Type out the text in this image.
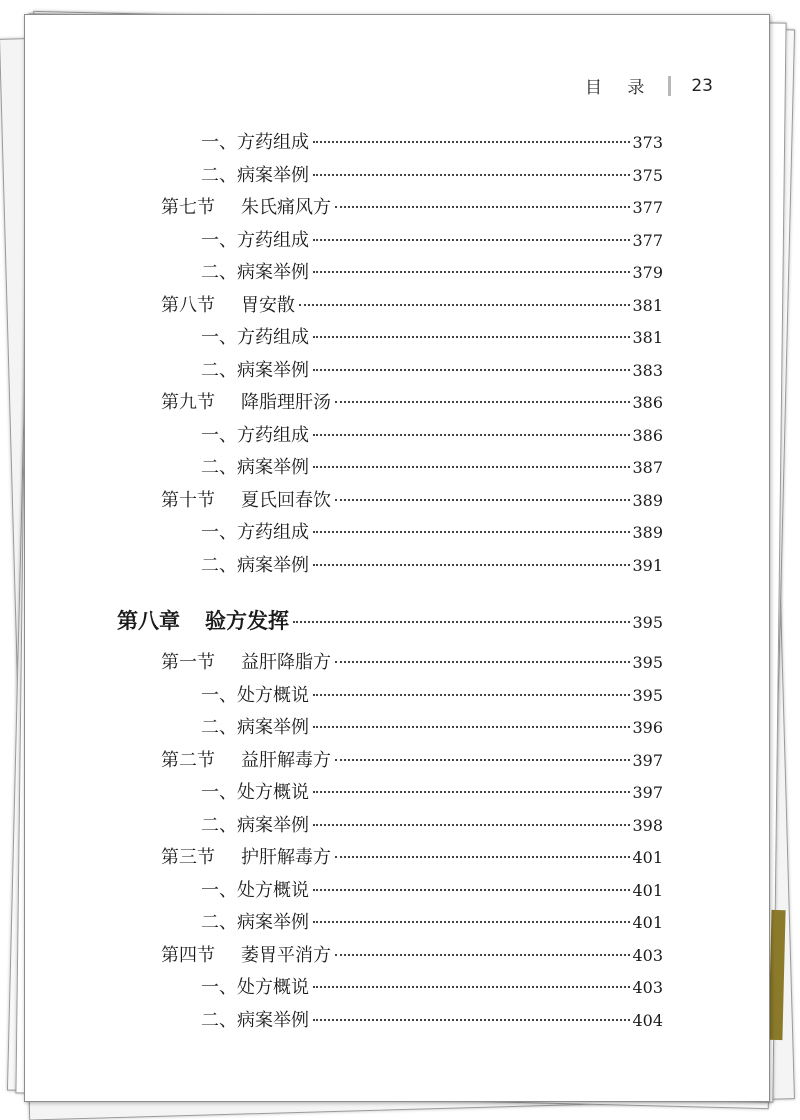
目 录 23
一、方药组成	373
二、病案举例	375
第七节 朱氏痛风方	377
一、方药组成	377
二、病案举例	379
第八节 胃安散	381
一、方药组成	381
二、病案举例	383
第九节 降脂理肝汤	386
一、方药组成	386
二、病案举例	387
第十节 夏氏回春饮	389
一、方药组成	389
二、病案举例	391
第八章 验方发挥	395
第一节 益肝降脂方	395
一、处方概说	395
二、病案举例	396
第二节 益肝解毒方	397
一、处方概说	397
二、病案举例	398
第三节 护肝解毒方	401
一、处方概说	401
二、病案举例	401
第四节 萎胃平消方	403
一、处方概说	403
二、病案举例	404
